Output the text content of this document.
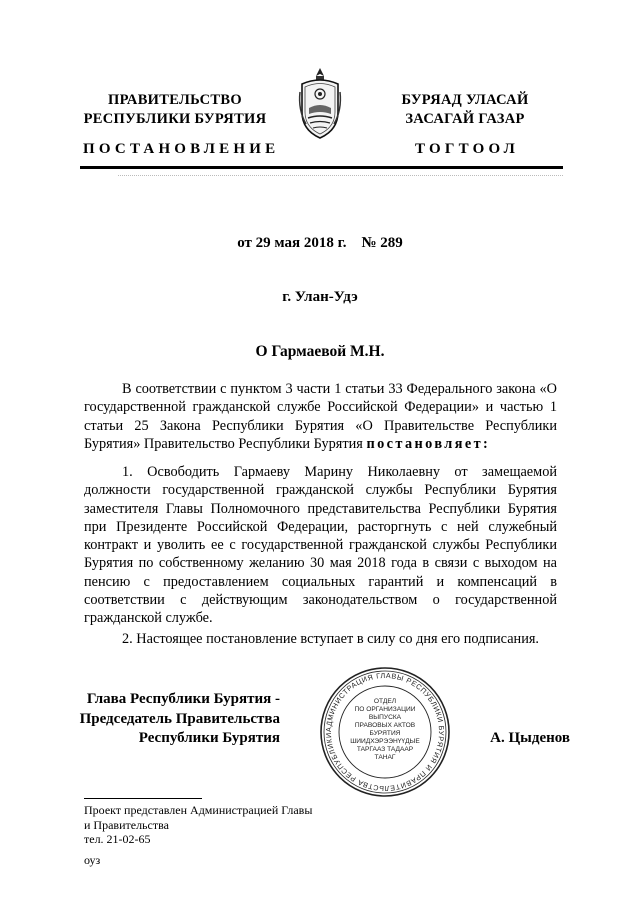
ПРАВИТЕЛЬСТВО
РЕСПУБЛИКИ БУРЯТИЯ
БУРЯАД УЛАСАЙ
ЗАСАГАЙ ГАЗАР
ПОСТАНОВЛЕНИЕ	ТОГТООЛ
от 29 мая 2018 г.    № 289
г. Улан-Удэ
О Гармаевой М.Н.
В соответствии с пунктом 3 части 1 статьи 33 Федерального закона «О государственной гражданской службе Российской Федерации» и частью 1 статьи 25 Закона Республики Бурятия «О Правительстве Республики Бурятия» Правительство Республики Бурятия постановляет:
1. Освободить Гармаеву Марину Николаевну от замещаемой должности государственной гражданской службы Республики Бурятия заместителя Главы Полномочного представительства Республики Бурятия при Президенте Российской Федерации, расторгнуть с ней служебный контракт и уволить ее с государственной гражданской службы Республики Бурятия по собственному желанию 30 мая 2018 года в связи с выходом на пенсию с предоставлением социальных гарантий и компенсаций в соответствии с действующим законодательством о государственной гражданской службе.
2. Настоящее постановление вступает в силу со дня его подписания.
АДМИНИСТРАЦИЯ ГЛАВЫ РЕСПУБЛИКИ БУРЯТИЯ И ПРАВИТЕЛЬСТВА РЕСПУБЛИКИ
ОТДЕЛ
ПО ОРГАНИЗАЦИИ
ВЫПУСКА
ПРАВОВЫХ АКТОВ
БУРЯТИЯ
ШИИДХЭРЭЭНҮҮДЫЕ
ТАРГААЗ ТАДААР
ТАНАГ
Глава Республики Бурятия -
Председатель Правительства
Республики Бурятия	А. Цыденов
Проект представлен Администрацией Главы
и Правительства
тел. 21-02-65
оуз
